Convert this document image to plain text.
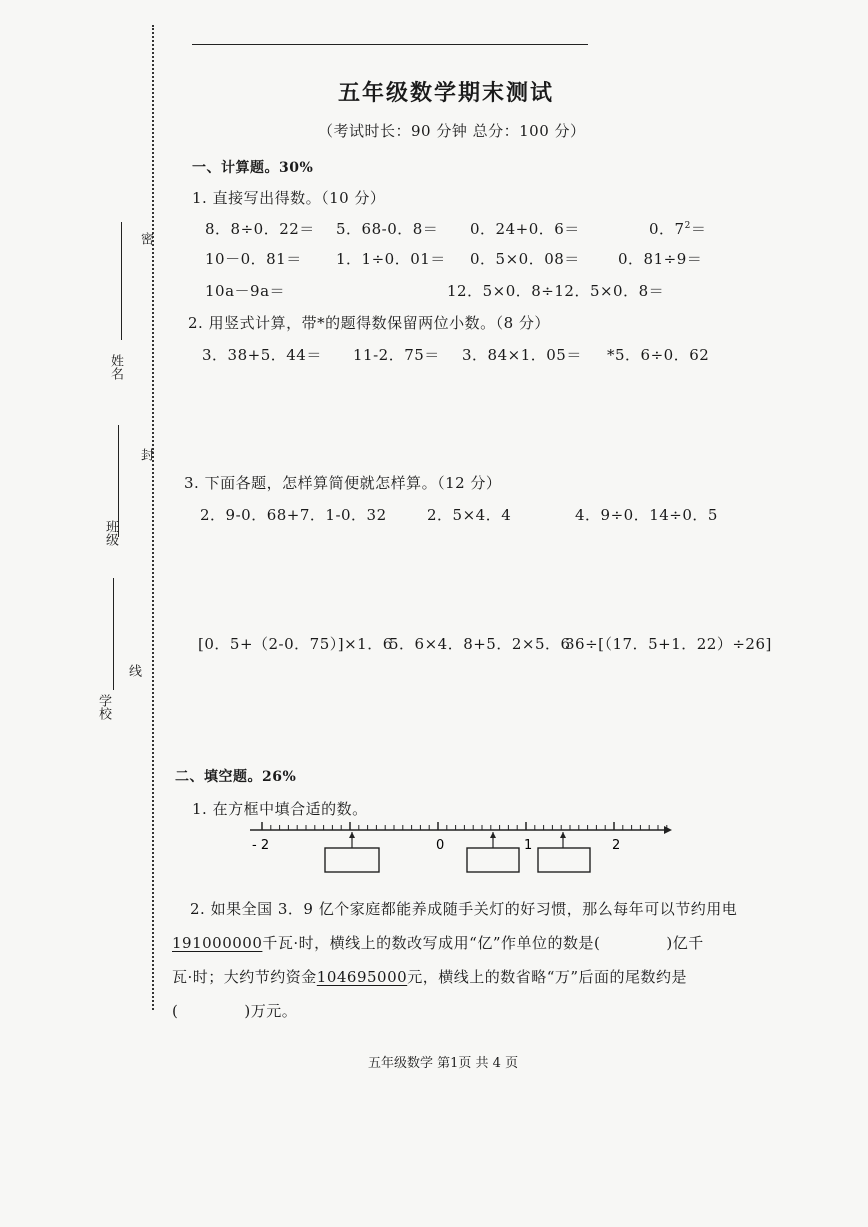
密
封
线
姓名
班级
学校
五年级数学期末测试
（考试时长：90 分钟 总分：100 分）
一、计算题。30%
1. 直接写出得数。（10 分）
8．8÷0．22＝ 5．68-0．8＝ 0．24+0．6＝	0．$7^2=$
10－0．81＝ 1．1÷0．01＝ 0．5×0．08＝	0．81÷9＝
10a－9a＝	12．5×0．8÷12．5×0．8＝
2. 用竖式计算，带*的题得数保留两位小数。（8 分）
3．38+5．44＝ 11-2．75＝ 3．84×1．05＝ *5．6÷0．62
3. 下面各题，怎样算简便就怎样算。（12 分）
2．9-0．68+7．1-0．32	2．5×4．4	4．9÷0．14÷0．5
[0．5+（2-0．75）]×1．6
5．6×4．8+5．2×5．6
36÷[（17．5+1．22）÷26]
二、填空题。26%
1. 在方框中填合适的数。
- 2	0	1	2
2. 如果全国 3．9 亿个家庭都能养成随手关灯的好习惯，那么每年可以节约用电
191000000千瓦·时，横线上的数改写成用“亿”作单位的数是(	)亿千
瓦·时；大约节约资金104695000元，横线上的数省略“万”后面的尾数约是
(	)万元。
五年级数学 第1页 共 4 页
